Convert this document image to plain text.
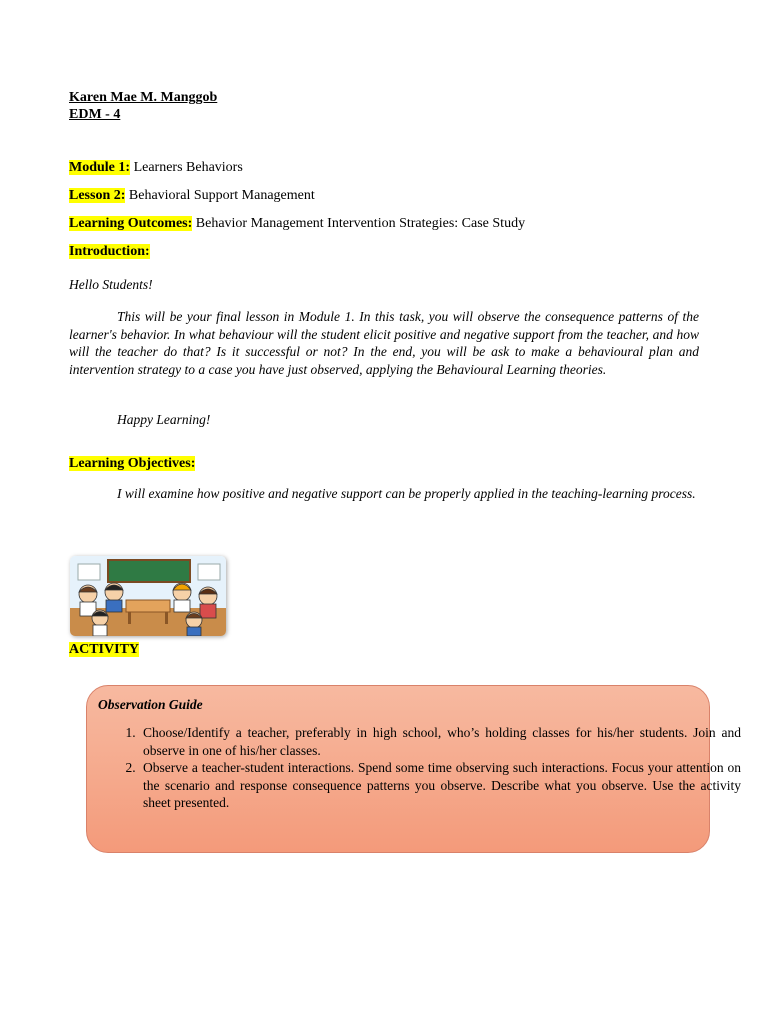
Karen Mae M. Manggob
EDM - 4
Module 1: Learners Behaviors
Lesson 2: Behavioral Support Management
Learning Outcomes: Behavior Management Intervention Strategies: Case Study
Introduction:
Hello Students!
This will be your final lesson in Module 1. In this task, you will observe the consequence patterns of the learner's behavior. In what behaviour will the student elicit positive and negative support from the teacher, and how will the teacher do that? Is it successful or not? In the end, you will be ask to make a behavioural plan and intervention strategy to a case you have just observed, applying the Behavioural Learning theories.
Happy Learning!
Learning Objectives:
I will examine how positive and negative support can be properly applied in the teaching-learning process.
ACTIVITY
Observation Guide
1. Choose/Identify a teacher, preferably in high school, who’s holding classes for his/her students. Join and observe in one of his/her classes.
2. Observe a teacher-student interactions. Spend some time observing such interactions. Focus your attention on the scenario and response consequence patterns you observe. Describe what you observe. Use the activity sheet presented.
